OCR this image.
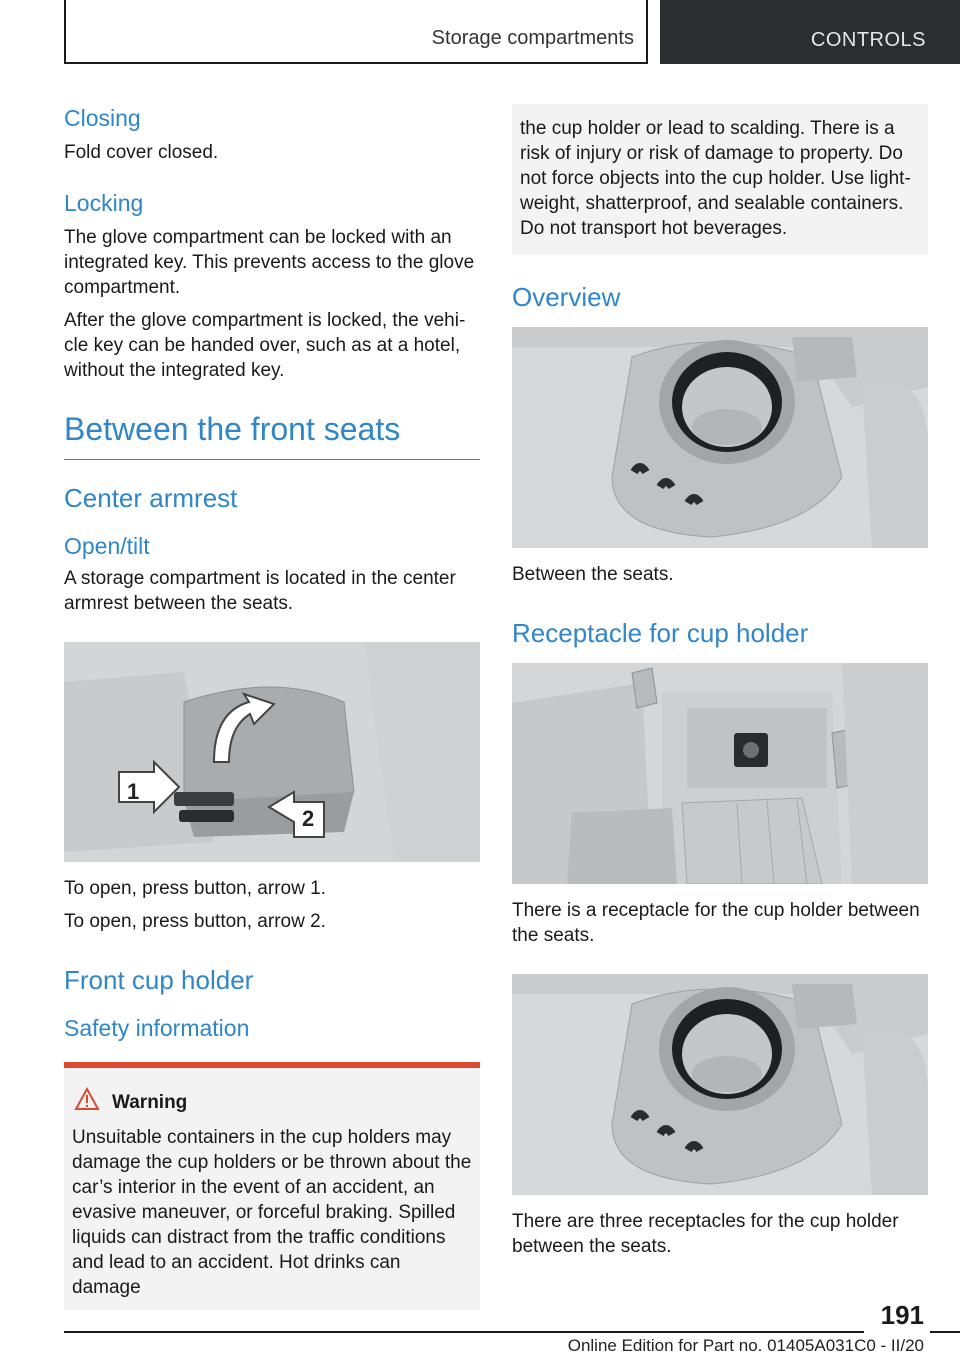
Storage compartments	CONTROLS
Closing

Fold cover closed.

Locking

The glove compartment can be locked with an integrated key. This prevents access to the glove compartment.

After the glove compartment is locked, the vehicle key can be handed over, such as at a hotel, without the integrated key.

Between the front seats
Center armrest
Open/tilt

A storage compartment is located in the center armrest between the seats.

1
2

To open, press button, arrow 1.

To open, press button, arrow 2.

Front cup holder
Safety information
Warning

Unsuitable containers in the cup holders may damage the cup holders or be thrown about the car’s interior in the event of an accident, an evasive maneuver, or forceful braking. Spilled liquids can distract from the traffic conditions and lead to an accident. Hot drinks can damage

the cup holder or lead to scalding. There is a risk of injury or risk of damage to property. Do not force objects into the cup holder. Use lightweight, shatterproof, and sealable containers. Do not transport hot beverages.

Overview

Between the seats.

Receptacle for cup holder

There is a receptacle for the cup holder between the seats.

There are three receptacles for the cup holder between the seats.

191
Online Edition for Part no. 01405A031C0 - II/20
